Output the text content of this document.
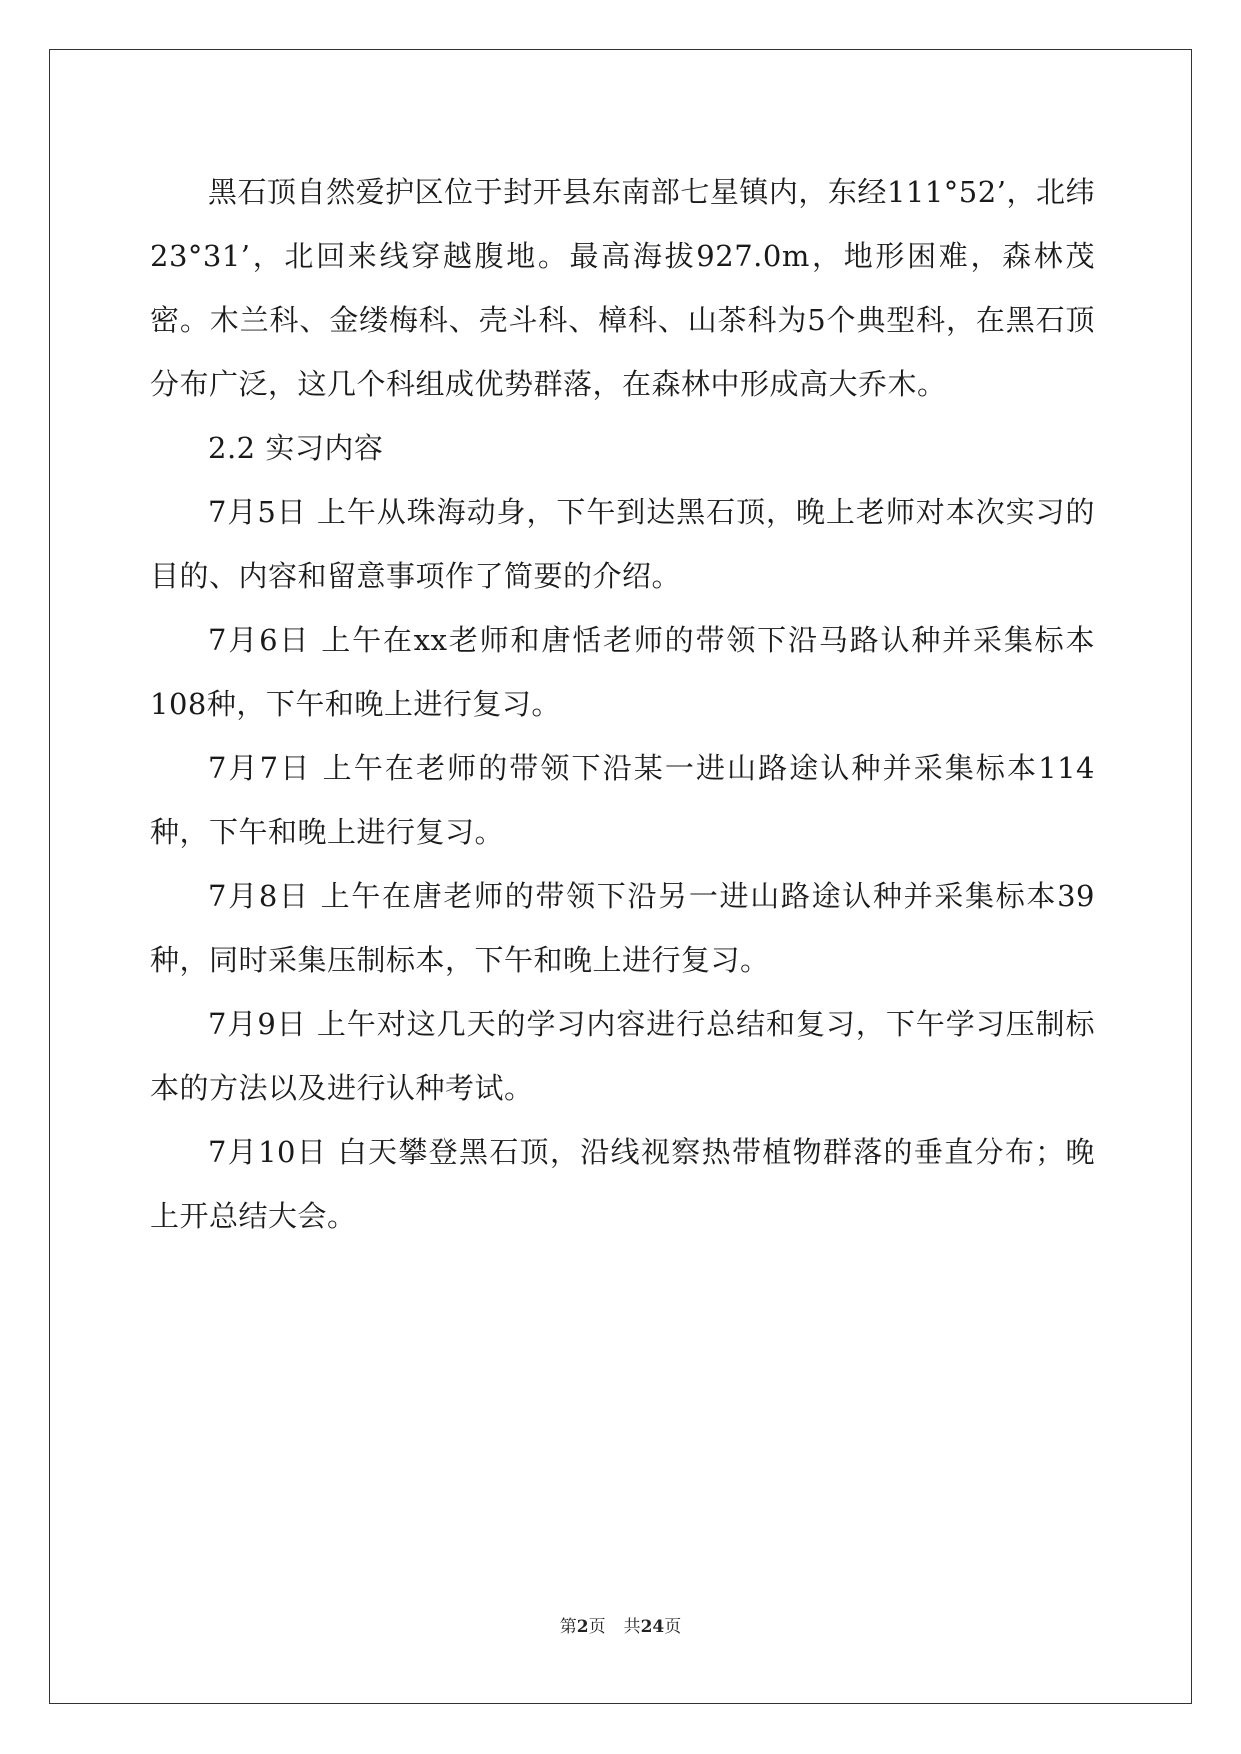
黑石顶自然爱护区位于封开县东南部七星镇内，东经111°52’，北纬23°31’，北回来线穿越腹地。最高海拔927.0m，地形困难，森林茂密。木兰科、金缕梅科、壳斗科、樟科、山茶科为5个典型科，在黑石顶分布广泛，这几个科组成优势群落，在森林中形成高大乔木。

2.2 实习内容

7月5日 上午从珠海动身，下午到达黑石顶，晚上老师对本次实习的目的、内容和留意事项作了简要的介绍。

7月6日 上午在xx老师和唐恬老师的带领下沿马路认种并采集标本108种，下午和晚上进行复习。

7月7日 上午在老师的带领下沿某一进山路途认种并采集标本114种，下午和晚上进行复习。

7月8日 上午在唐老师的带领下沿另一进山路途认种并采集标本39种，同时采集压制标本，下午和晚上进行复习。

7月9日 上午对这几天的学习内容进行总结和复习，下午学习压制标本的方法以及进行认种考试。

7月10日 白天攀登黑石顶，沿线视察热带植物群落的垂直分布；晚上开总结大会。

第2页 共24页
